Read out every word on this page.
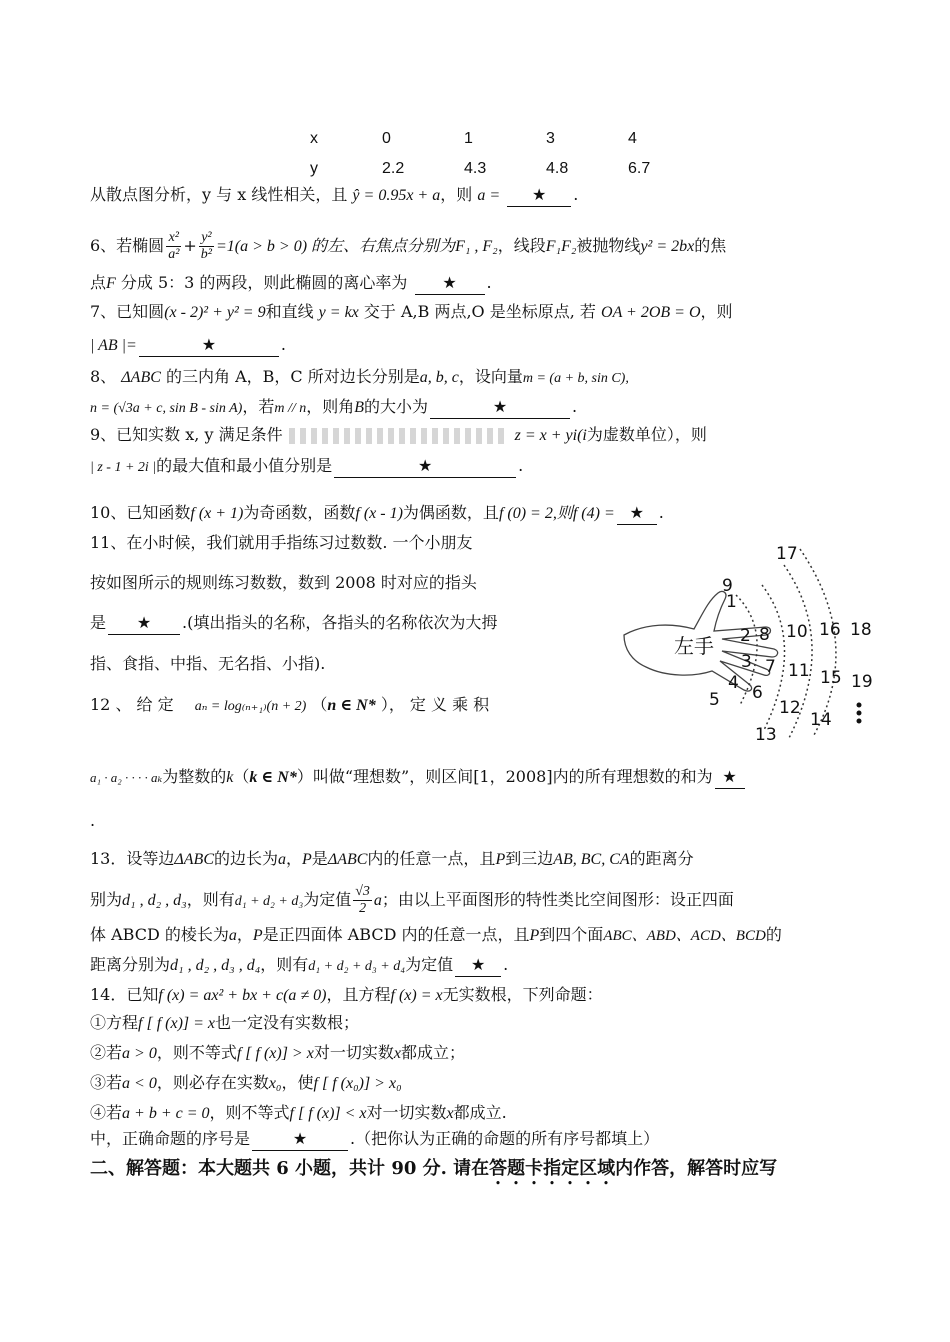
x	0	1	3	4
y	2.2	4.3	4.8	6.7
从散点图分析，y 与 x 线性相关，且 ŷ = 0.95x + a，则 a = ★ .
6、若椭圆 $\frac{\text{x²}}{\text{a²}} + \frac{\text{y²}}{\text{b²}} =1(a > b > 0)$ 的左、右焦点分别为F₁ , F₂，线段F₁F₂被抛物线y² = 2bx的焦
点F 分成 5：3 的两段，则此椭圆的离心率为 ★ .
7、已知圆(x - 2)² + y² = 9和直线 y = kx 交于 A,B 两点,O 是坐标原点, 若 OA + 2OB = O，则
| AB |=	★	.
8、 ΔABC 的三内角 A，B，C 所对边长分别是a, b, c，设向量m = (a + b, sin C),
n = (√3a + c, sin B - sin A)，若m // n，则角B的大小为	★	.
9、已知实数 x, y 满足条件	z = x + yi(i为虚数单位），则
| z - 1 + 2i |的最大值和最小值分别是	★	.
10、已知函数f (x + 1)为奇函数，函数f (x - 1)为偶函数，且f (0) = 2,则f (4) = ★ .
11、在小时候，我们就用手指练习过数数. 一个小朋友
按如图所示的规则练习数数，数到 2008 时对应的指头
是 ★ .(填出指头的名称，各指头的名称依次为大拇
指、食指、中指、无名指、小指).
左手
1
2
3
4
5 6
7
8
9
10
11
12
13
14
15
16
17
18
19
12 、 给 定 aₙ = log₍ₙ₊₁₎(n + 2) （n ∈ N* ）， 定 义 乘 积
a₁ · a₂ · · · · aₖ为整数的k（k ∈ N*）叫做“理想数”，则区间[1，2008]内的所有理想数的和为 ★
.
13．设等边ΔABC的边长为a，P是ΔABC内的任意一点，且P到三边AB, BC, CA的距离分
别为d₁ , d₂ , d₃，则有d₁ + d₂ + d₃为定值 $\frac{√3}{2}$ a；由以上平面图形的特性类比空间图形：设正四面
体 ABCD 的棱长为a，P是正四面体 ABCD 内的任意一点，且P到四个面ABC、ABD、ACD、BCD的
距离分别为d₁ , d₂ , d₃ , d₄，则有d₁ + d₂ + d₃ + d₄为定值 ★ .
14．已知f (x) = ax² + bx + c(a ≠ 0)，且方程f (x) = x无实数根，下列命题：
①方程f [ f (x)] = x也一定没有实数根；
②若a > 0，则不等式f [ f (x)] > x对一切实数x都成立；
③若a < 0，则必存在实数x₀，使f [ f (x₀)] > x₀
④若a + b + c = 0，则不等式f [ f (x)] < x对一切实数x都成立.
中，正确命题的序号是	★	.（把你认为正确的命题的所有序号都填上）
二、解答题：本大题共 6 小题，共计 90 分. 请在答题卡指定区域内作答，解答时应写
